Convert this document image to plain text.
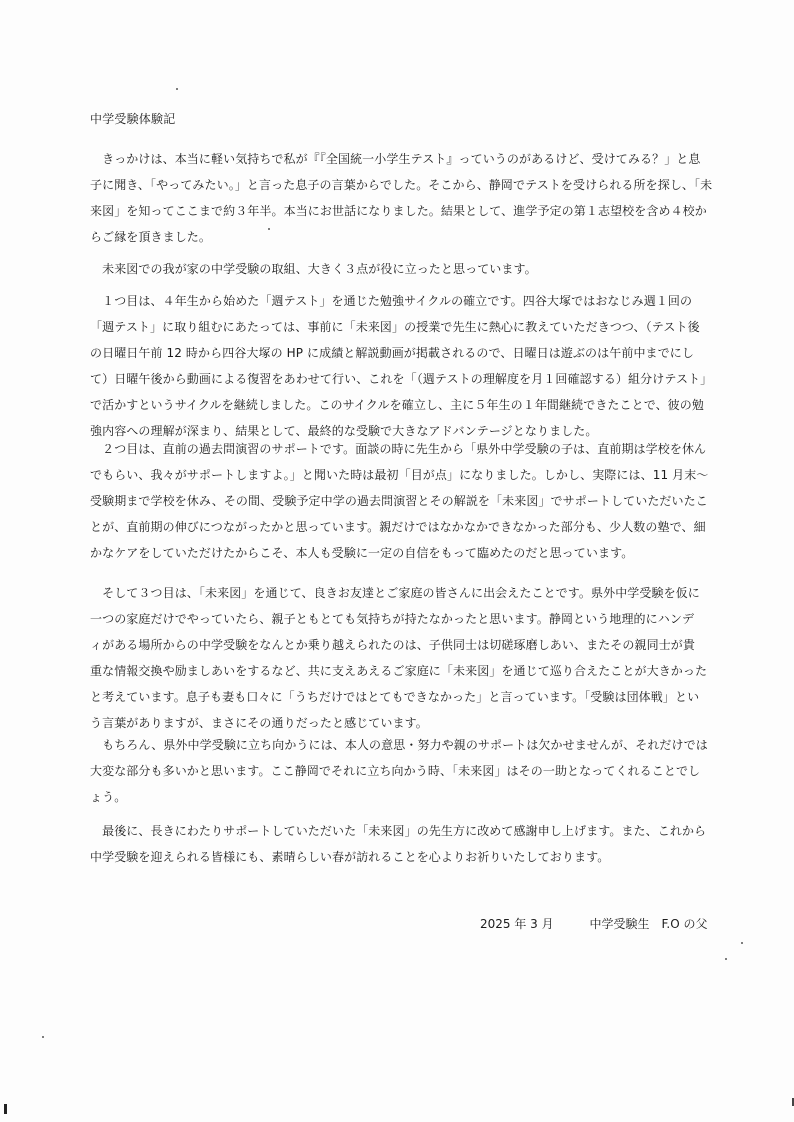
中学受験体験記
　きっかけは、本当に軽い気持ちで私が『『全国統一小学生テスト』っていうのがあるけど、受けてみる？」と息
子に聞き、「やってみたい。」と言った息子の言葉からでした。そこから、静岡でテストを受けられる所を探し、「未
来図」を知ってここまで約３年半。本当にお世話になりました。結果として、進学予定の第１志望校を含め４校か
らご縁を頂きました。
　未来図での我が家の中学受験の取組、大きく３点が役に立ったと思っています。
　１つ目は、４年生から始めた「週テスト」を通じた勉強サイクルの確立です。四谷大塚ではおなじみ週１回の
「週テスト」に取り組むにあたっては、事前に「未来図」の授業で先生に熱心に教えていただきつつ、（テスト後
の日曜日午前 12 時から四谷大塚の HP に成績と解説動画が掲載されるので、日曜日は遊ぶのは午前中までにし
て）日曜午後から動画による復習をあわせて行い、これを「（週テストの理解度を月１回確認する）組分けテスト」
で活かすというサイクルを継続しました。このサイクルを確立し、主に５年生の１年間継続できたことで、彼の勉
強内容への理解が深まり、結果として、最終的な受験で大きなアドバンテージとなりました。
　２つ目は、直前の過去問演習のサポートです。面談の時に先生から「県外中学受験の子は、直前期は学校を休ん
でもらい、我々がサポートしますよ。」と聞いた時は最初「目が点」になりました。しかし、実際には、11 月末～
受験期まで学校を休み、その間、受験予定中学の過去問演習とその解説を「未来図」でサポートしていただいたこ
とが、直前期の伸びにつながったかと思っています。親だけではなかなかできなかった部分も、少人数の塾で、細
かなケアをしていただけたからこそ、本人も受験に一定の自信をもって臨めたのだと思っています。
　そして３つ目は、「未来図」を通じて、良きお友達とご家庭の皆さんに出会えたことです。県外中学受験を仮に
一つの家庭だけでやっていたら、親子ともとても気持ちが持たなかったと思います。静岡という地理的にハンデ
ィがある場所からの中学受験をなんとか乗り越えられたのは、子供同士は切磋琢磨しあい、またその親同士が貴
重な情報交換や励ましあいをするなど、共に支えあえるご家庭に「未来図」を通じて巡り合えたことが大きかった
と考えています。息子も妻も口々に「うちだけではとてもできなかった」と言っています。「受験は団体戦」とい
う言葉がありますが、まさにその通りだったと感じています。
　もちろん、県外中学受験に立ち向かうには、本人の意思・努力や親のサポートは欠かせませんが、それだけでは
大変な部分も多いかと思います。ここ静岡でそれに立ち向かう時、「未来図」はその一助となってくれることでし
ょう。
　最後に、長きにわたりサポートしていただいた「未来図」の先生方に改めて感謝申し上げます。また、これから
中学受験を迎えられる皆様にも、素晴らしい春が訪れることを心よりお祈りいたしております。
2025 年 3 月	中学受験生　F.O の父
